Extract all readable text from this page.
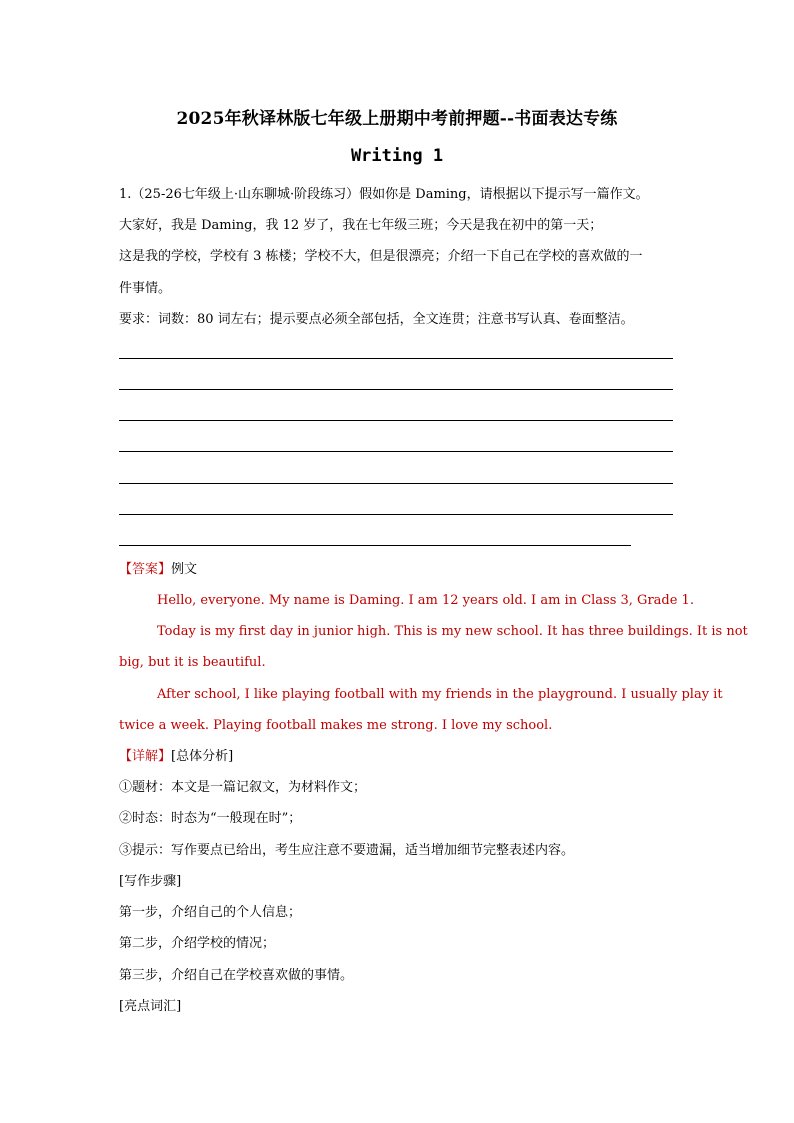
2025年秋译林版七年级上册期中考前押题--书面表达专练
Writing 1
1.（25-26七年级上·山东聊城·阶段练习）假如你是 Daming，请根据以下提示写一篇作文。
大家好，我是 Daming，我 12 岁了，我在七年级三班；今天是我在初中的第一天；
这是我的学校，学校有 3 栋楼；学校不大，但是很漂亮；介绍一下自己在学校的喜欢做的一
件事情。
要求：词数：80 词左右；提示要点必须全部包括，全文连贯；注意书写认真、卷面整洁。
【答案】例文
Hello, everyone. My name is Daming. I am 12 years old. I am in Class 3, Grade 1.
Today is my first day in junior high. This is my new school. It has three buildings. It is not
big, but it is beautiful.
After school, I like playing football with my friends in the playground. I usually play it
twice a week. Playing football makes me strong. I love my school.
【详解】[总体分析]
①题材：本文是一篇记叙文，为材料作文；
②时态：时态为“一般现在时”；
③提示：写作要点已给出，考生应注意不要遗漏，适当增加细节完整表述内容。
[写作步骤]
第一步，介绍自己的个人信息；
第二步，介绍学校的情况；
第三步，介绍自己在学校喜欢做的事情。
[亮点词汇]
